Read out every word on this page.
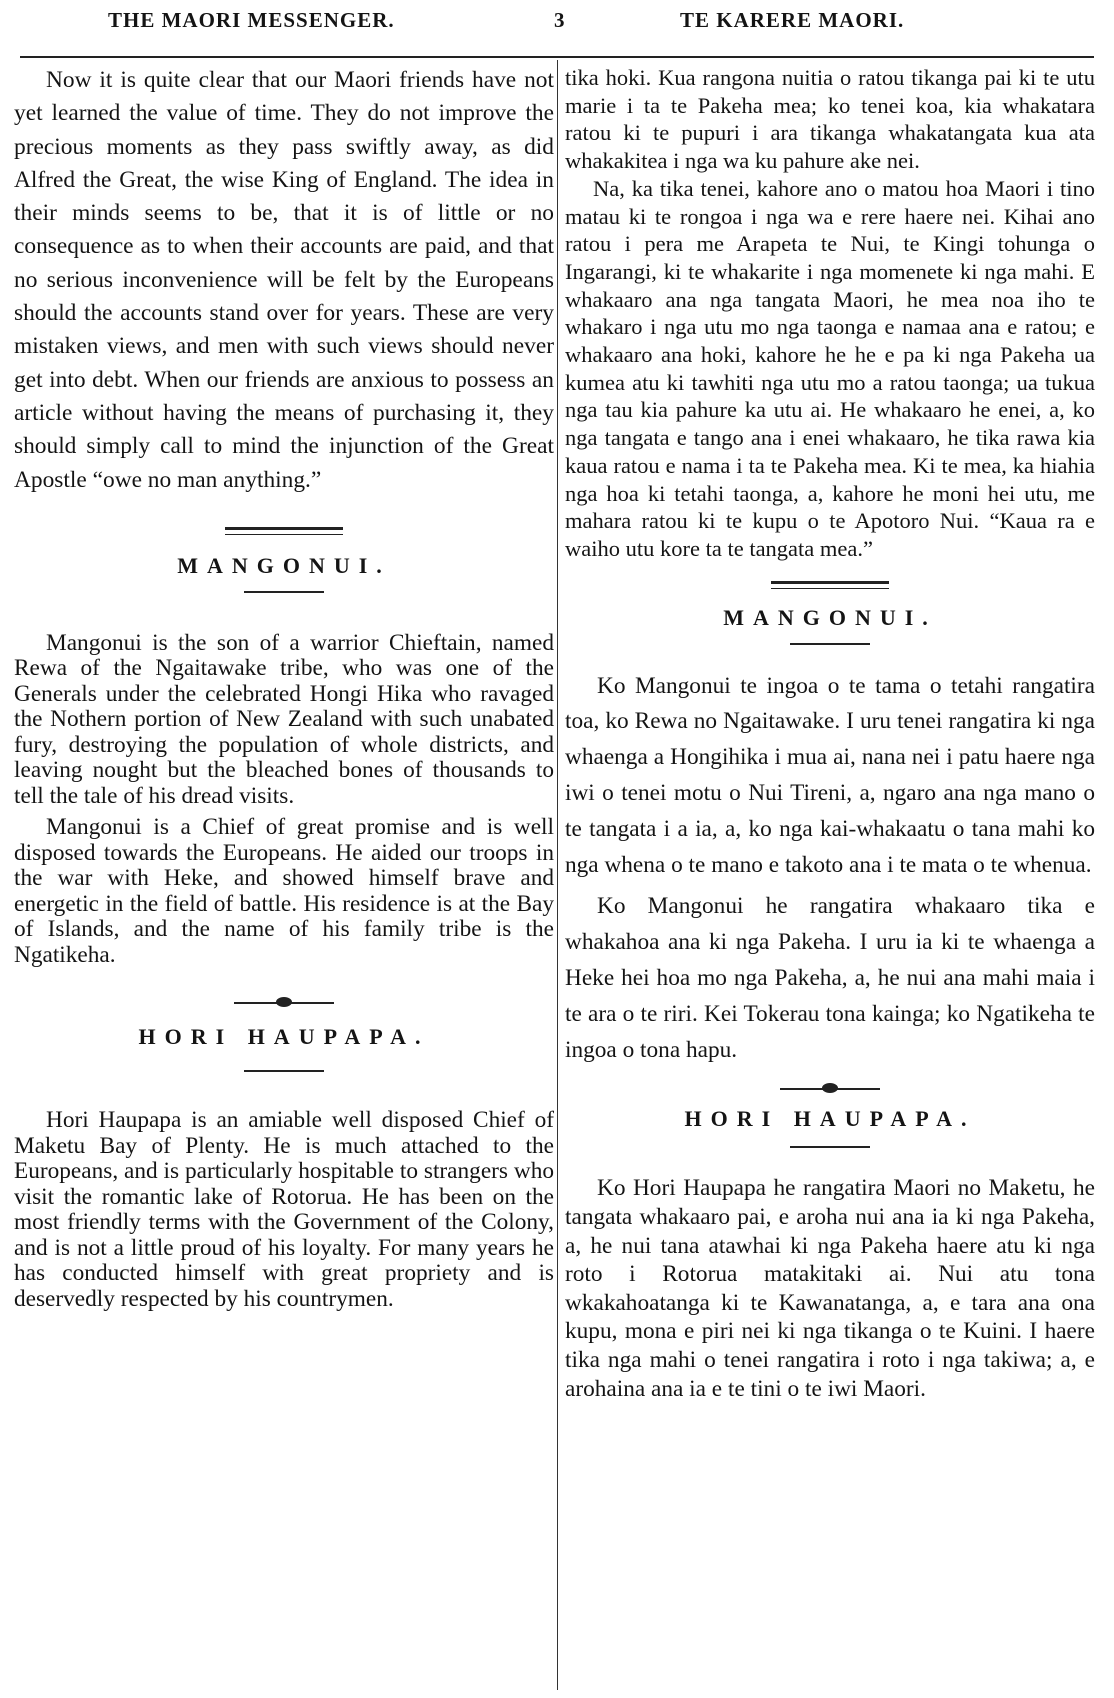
THE MAORI MESSENGER.	3	TE KARERE MAORI.

Now it is quite clear that our Maori friends have not yet learned the value of time. They do not improve the precious moments as they pass swiftly away, as did Alfred the Great, the wise King of England. The idea in their minds seems to be, that it is of little or no consequence as to when their accounts are paid, and that no serious inconvenience will be felt by the Europeans should the accounts stand over for years. These are very mistaken views, and men with such views should never get into debt. When our friends are anxious to possess an article without having the means of purchasing it, they should simply call to mind the injunction of the Great Apostle “owe no man anything.”

MANGONUI.

Mangonui is the son of a warrior Chieftain, named Rewa of the Ngaitawake tribe, who was one of the Generals under the celebrated Hongi Hika who ravaged the Nothern portion of New Zealand with such unabated fury, destroying the population of whole districts, and leaving nought but the bleached bones of thousands to tell the tale of his dread visits.

Mangonui is a Chief of great promise and is well disposed towards the Europeans. He aided our troops in the war with Heke, and showed himself brave and energetic in the field of battle. His residence is at the Bay of Islands, and the name of his family tribe is the Ngatikeha.

HORI HAUPAPA.

Hori Haupapa is an amiable well disposed Chief of Maketu Bay of Plenty. He is much attached to the Europeans, and is particularly hospitable to strangers who visit the romantic lake of Rotorua. He has been on the most friendly terms with the Government of the Colony, and is not a little proud of his loyalty. For many years he has conducted himself with great propriety and is deservedly respected by his countrymen.

tika hoki. Kua rangona nuitia o ratou tikanga pai ki te utu marie i ta te Pakeha mea; ko tenei koa, kia whakatara ratou ki te pupuri i ara tikanga whakatangata kua ata whakakitea i nga wa ku pahure ake nei.

Na, ka tika tenei, kahore ano o matou hoa Maori i tino matau ki te rongoa i nga wa e rere haere nei. Kihai ano ratou i pera me Arapeta te Nui, te Kingi tohunga o Ingarangi, ki te whakarite i nga momenete ki nga mahi. E whakaaro ana nga tangata Maori, he mea noa iho te whakaro i nga utu mo nga taonga e namaa ana e ratou; e whakaaro ana hoki, kahore he he e pa ki nga Pakeha ua kumea atu ki tawhiti nga utu mo a ratou taonga; ua tukua nga tau kia pahure ka utu ai. He whakaaro he enei, a, ko nga tangata e tango ana i enei whakaaro, he tika rawa kia kaua ratou e nama i ta te Pakeha mea. Ki te mea, ka hiahia nga hoa ki tetahi taonga, a, kahore he moni hei utu, me mahara ratou ki te kupu o te Apotoro Nui. “Kaua ra e waiho utu kore ta te tangata mea.”

MANGONUI.

Ko Mangonui te ingoa o te tama o tetahi rangatira toa, ko Rewa no Ngaitawake. I uru tenei rangatira ki nga whaenga a Hongihika i mua ai, nana nei i patu haere nga iwi o tenei motu o Nui Tireni, a, ngaro ana nga mano o te tangata i a ia, a, ko nga kai-whakaatu o tana mahi ko nga whena o te mano e takoto ana i te mata o te whenua.

Ko Mangonui he rangatira whakaaro tika e whakahoa ana ki nga Pakeha. I uru ia ki te whaenga a Heke hei hoa mo nga Pakeha, a, he nui ana mahi maia i te ara o te riri. Kei Tokerau tona kainga; ko Ngatikeha te ingoa o tona hapu.

HORI HAUPAPA.

Ko Hori Haupapa he rangatira Maori no Maketu, he tangata whakaaro pai, e aroha nui ana ia ki nga Pakeha, a, he nui tana atawhai ki nga Pakeha haere atu ki nga roto i Rotorua matakitaki ai. Nui atu tona wkakahoatanga ki te Kawanatanga, a, e tara ana ona kupu, mona e piri nei ki nga tikanga o te Kuini. I haere tika nga mahi o tenei rangatira i roto i nga takiwa; a, e arohaina ana ia e te tini o te iwi Maori.
